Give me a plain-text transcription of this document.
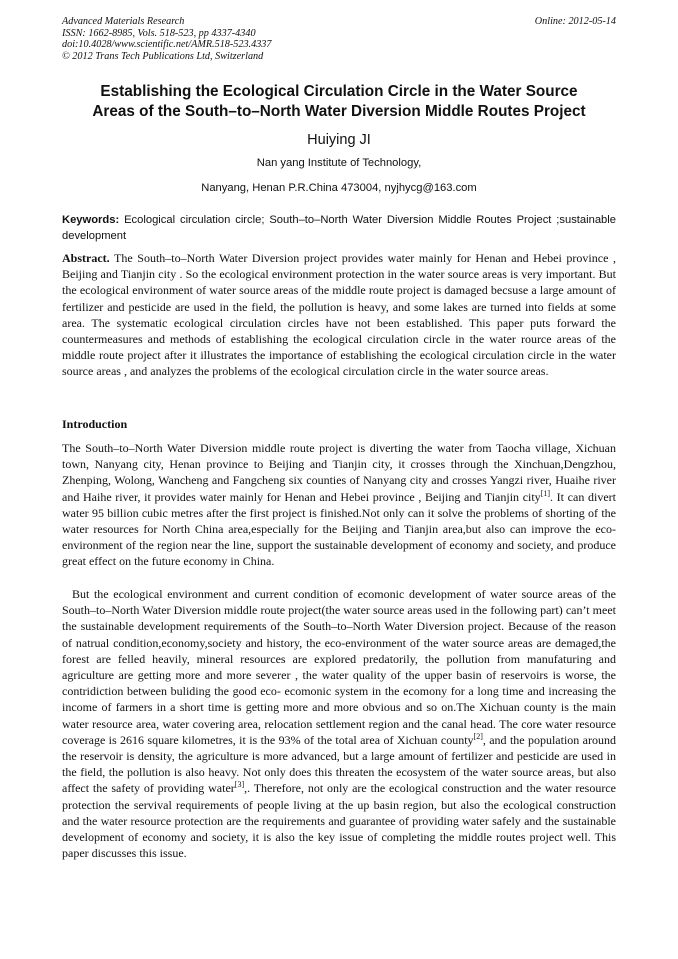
Advanced Materials Research
ISSN: 1662-8985, Vols. 518-523, pp 4337-4340
doi:10.4028/www.scientific.net/AMR.518-523.4337
© 2012 Trans Tech Publications Ltd, Switzerland
Online: 2012-05-14
Establishing the Ecological Circulation Circle in the Water Source
Areas of the South–to–North Water Diversion Middle Routes Project
Huiying JI
Nan yang Institute of Technology,
Nanyang, Henan P.R.China 473004, nyjhycg@163.com
Keywords: Ecological circulation circle; South–to–North Water Diversion Middle Routes Project ;sustainable development
Abstract. The South–to–North Water Diversion project provides water mainly for Henan and Hebei province , Beijing and Tianjin city . So the ecological environment protection in the water source areas is very important. But the ecological environment of water source areas of the middle route project is damaged becsuse a large amount of fertilizer and pesticide are used in the field, the pollution is heavy, and some lakes are turned into fields at some area. The systematic ecological circulation circles have not been established. This paper puts forward the countermeasures and methods of establishing the ecological circulation circle in the water rource areas of the middle route project after it illustrates the importance of establishing the ecological circulation circle in the water source areas , and analyzes the problems of the ecological circulation circle in the water source areas.
Introduction
The South–to–North Water Diversion middle route project is diverting the water from Taocha village, Xichuan town, Nanyang city, Henan province to Beijing and Tianjin city, it crosses through the Xinchuan,Dengzhou, Zhenping, Wolong, Wancheng and Fangcheng six counties of Nanyang city and crosses Yangzi river, Huaihe river and Haihe river, it provides water mainly for Henan and Hebei province , Beijing and Tianjin city[1]. It can divert water 95 billion cubic metres after the first project is finished.Not only can it solve the problems of shorting of the water resources for North China area,especially for the Beijing and Tianjin area,but also can improve the eco-environment of the region near the line, support the sustainable development of economy and society, and produce great effect on the future economy in China.
But the ecological environment and current condition of ecomonic development of water source areas of the South–to–North Water Diversion middle route project(the water source areas used in the following part) can’t meet the sustainable development requirements of the South–to–North Water Diversion project. Because of the reason of natrual condition,economy,society and history, the eco-environment of the water source areas are demaged,the forest are felled heavily, mineral resources are explored predatorily, the pollution from manufaturing and agriculture are getting more and more severer , the water quality of the upper basin of reservoirs is worse, the contridiction between buliding the good eco- ecomonic system in the ecomony for a long time and increasing the income of farmers in a short time is getting more and more obvious and so on.The Xichuan county is the main water resource area, water covering area, relocation settlement region and the canal head. The core water resource coverage is 2616 square kilometres, it is the 93% of the total area of Xichuan county[2], and the population around the reservoir is density, the agriculture is more advanced, but a large amount of fertilizer and pesticide are used in the field, the pollution is also heavy. Not only does this threaten the ecosystem of the water source areas, but also affect the safety of providing water[3],. Therefore, not only are the ecological construction and the water resource protection the servival requirements of people living at the up basin region, but also the ecological construction and the water resource protection are the requirements and guarantee of providing water safely and the sustainable development of economy and society, it is also the key issue of completing the middle routes project well. This paper discusses this issue.
